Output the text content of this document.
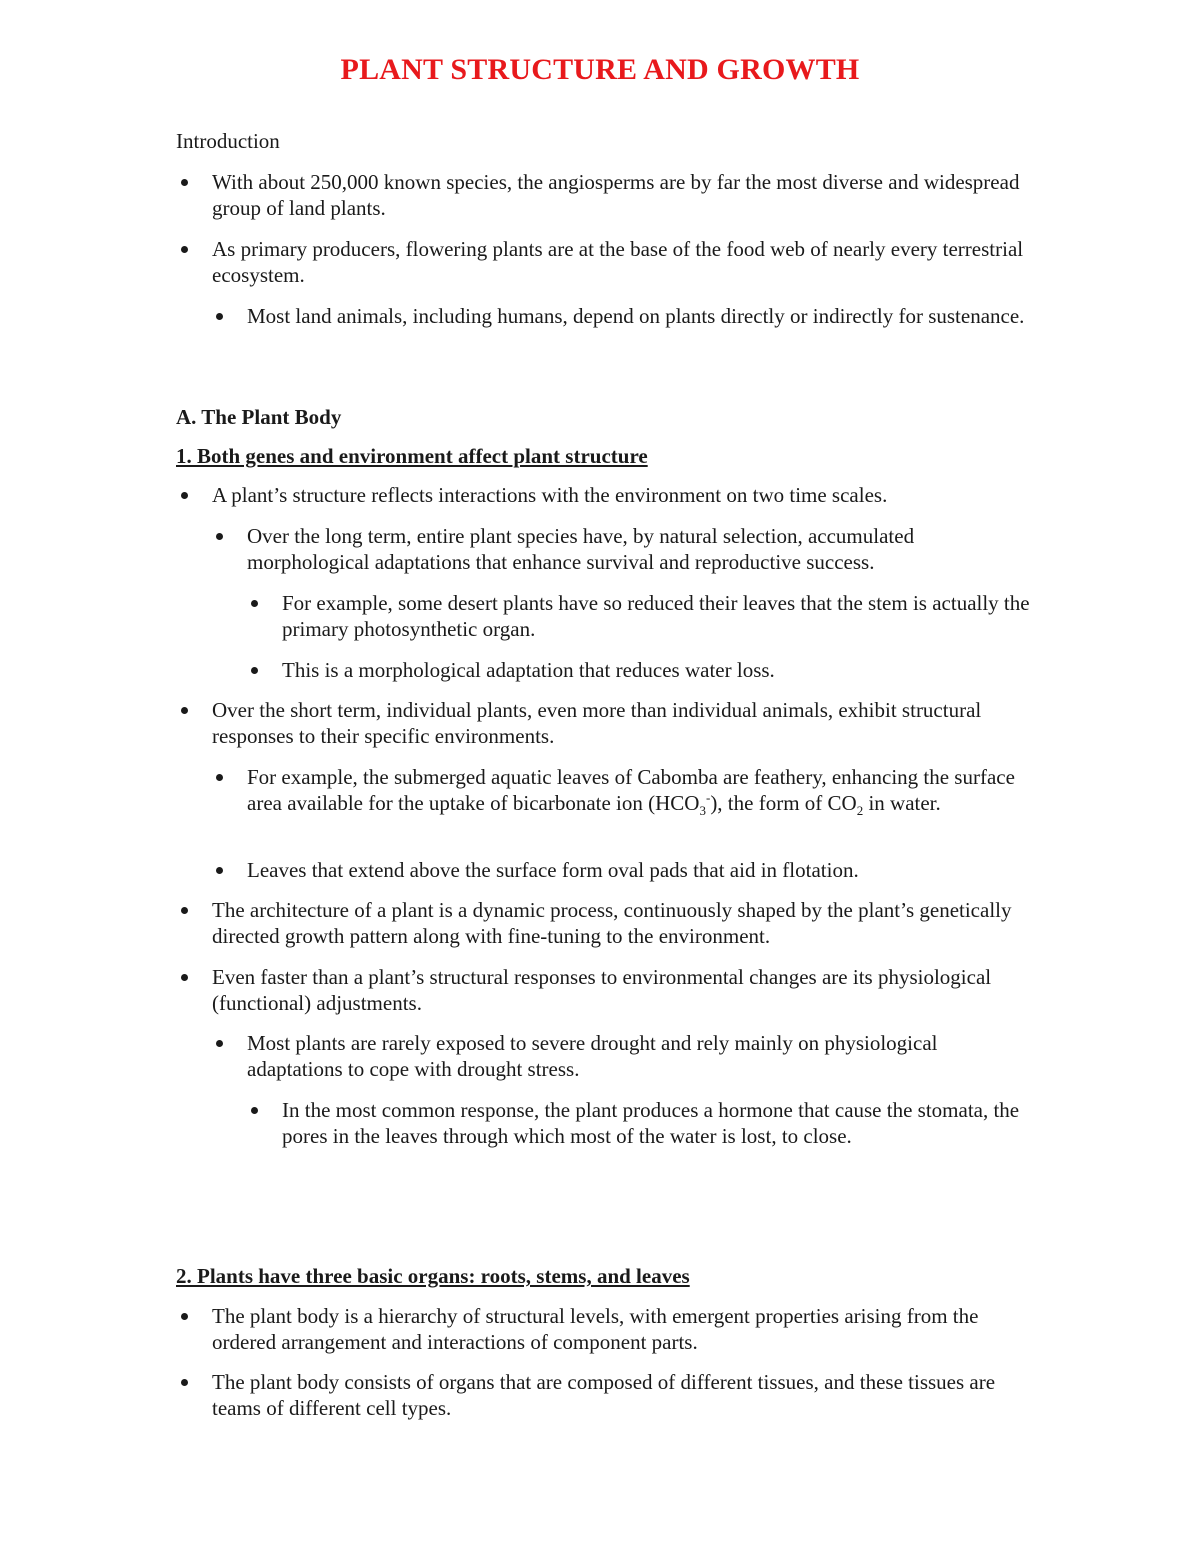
PLANT STRUCTURE AND GROWTH

Introduction

With about 250,000 known species, the angiosperms are by far the most diverse and widespread group of land plants.

As primary producers, flowering plants are at the base of the food web of nearly every terrestrial ecosystem.

Most land animals, including humans, depend on plants directly or indirectly for sustenance.

A. The Plant Body

1. Both genes and environment affect plant structure

A plant’s structure reflects interactions with the environment on two time scales.

Over the long term, entire plant species have, by natural selection, accumulated morphological adaptations that enhance survival and reproductive success.

For example, some desert plants have so reduced their leaves that the stem is actually the primary photosynthetic organ.

This is a morphological adaptation that reduces water loss.

Over the short term, individual plants, even more than individual animals, exhibit structural responses to their specific environments.

For example, the submerged aquatic leaves of Cabomba are feathery, enhancing the surface area available for the uptake of bicarbonate ion $(HCO_3^-)$, the form of $CO_2$ in water.

Leaves that extend above the surface form oval pads that aid in flotation.

The architecture of a plant is a dynamic process, continuously shaped by the plant’s genetically directed growth pattern along with fine-tuning to the environment.

Even faster than a plant’s structural responses to environmental changes are its physiological (functional) adjustments.

Most plants are rarely exposed to severe drought and rely mainly on physiological adaptations to cope with drought stress.

In the most common response, the plant produces a hormone that cause the stomata, the pores in the leaves through which most of the water is lost, to close.

2. Plants have three basic organs: roots, stems, and leaves

The plant body is a hierarchy of structural levels, with emergent properties arising from the ordered arrangement and interactions of component parts.

The plant body consists of organs that are composed of different tissues, and these tissues are teams of different cell types.
